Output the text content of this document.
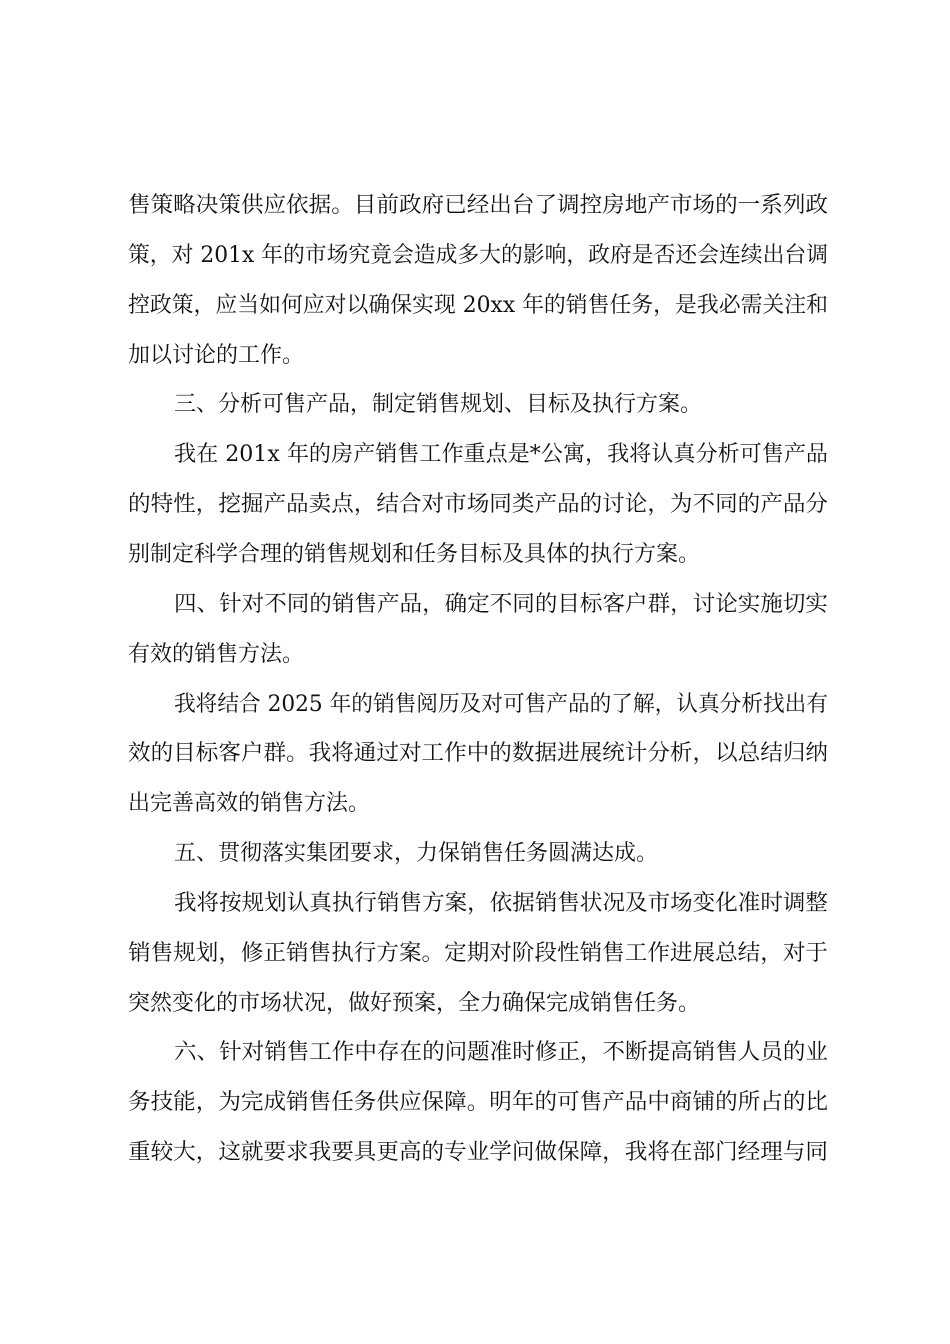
售策略决策供应依据。目前政府已经出台了调控房地产市场的一系列政
策，对 201x 年的市场究竟会造成多大的影响，政府是否还会连续出台调
控政策，应当如何应对以确保实现 20xx 年的销售任务，是我必需关注和
加以讨论的工作。
三、分析可售产品，制定销售规划、目标及执行方案。
我在 201x 年的房产销售工作重点是*公寓，我将认真分析可售产品
的特性，挖掘产品卖点，结合对市场同类产品的讨论，为不同的产品分
别制定科学合理的销售规划和任务目标及具体的执行方案。
四、针对不同的销售产品，确定不同的目标客户群，讨论实施切实
有效的销售方法。
我将结合 2025 年的销售阅历及对可售产品的了解，认真分析找出有
效的目标客户群。我将通过对工作中的数据进展统计分析，以总结归纳
出完善高效的销售方法。
五、贯彻落实集团要求，力保销售任务圆满达成。
我将按规划认真执行销售方案，依据销售状况及市场变化准时调整
销售规划，修正销售执行方案。定期对阶段性销售工作进展总结，对于
突然变化的市场状况，做好预案，全力确保完成销售任务。
六、针对销售工作中存在的问题准时修正，不断提高销售人员的业
务技能，为完成销售任务供应保障。明年的可售产品中商铺的所占的比
重较大，这就要求我要具更高的专业学问做保障，我将在部门经理与同
